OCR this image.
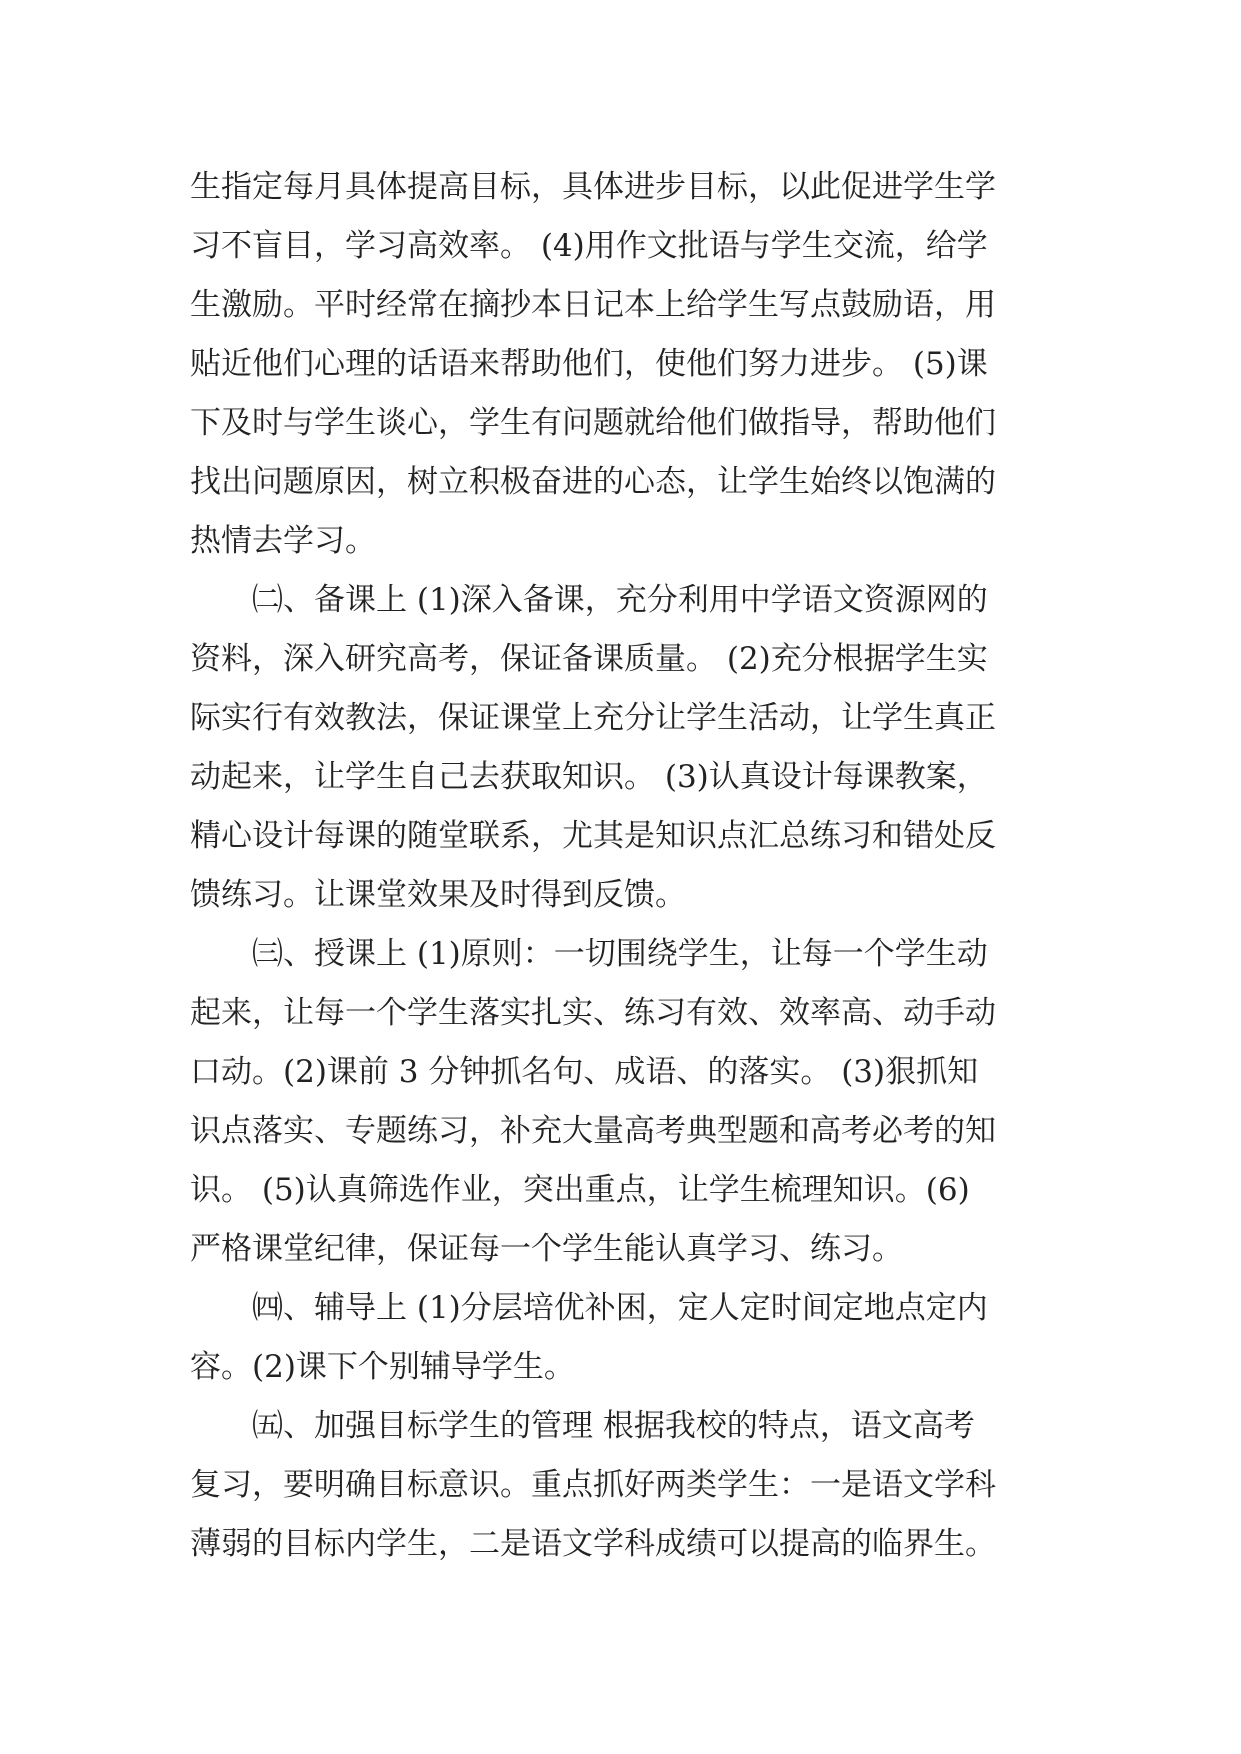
生指定每月具体提高目标，具体进步目标，以此促进学生学
习不盲目，学习高效率。 (4)用作文批语与学生交流，给学
生激励。平时经常在摘抄本日记本上给学生写点鼓励语，用
贴近他们心理的话语来帮助他们，使他们努力进步。 (5)课
下及时与学生谈心，学生有问题就给他们做指导，帮助他们
找出问题原因，树立积极奋进的心态，让学生始终以饱满的
热情去学习。
㈡、备课上 (1)深入备课，充分利用中学语文资源网的
资料，深入研究高考，保证备课质量。 (2)充分根据学生实
际实行有效教法，保证课堂上充分让学生活动，让学生真正
动起来，让学生自己去获取知识。 (3)认真设计每课教案，
精心设计每课的随堂联系，尤其是知识点汇总练习和错处反
馈练习。让课堂效果及时得到反馈。
㈢、授课上 (1)原则：一切围绕学生，让每一个学生动
起来，让每一个学生落实扎实、练习有效、效率高、动手动
口动。(2)课前 3 分钟抓名句、成语、的落实。 (3)狠抓知
识点落实、专题练习，补充大量高考典型题和高考必考的知
识。 (5)认真筛选作业，突出重点，让学生梳理知识。(6)
严格课堂纪律，保证每一个学生能认真学习、练习。
㈣、辅导上 (1)分层培优补困，定人定时间定地点定内
容。(2)课下个别辅导学生。
㈤、加强目标学生的管理 根据我校的特点，语文高考
复习，要明确目标意识。重点抓好两类学生：一是语文学科
薄弱的目标内学生，二是语文学科成绩可以提高的临界生。
